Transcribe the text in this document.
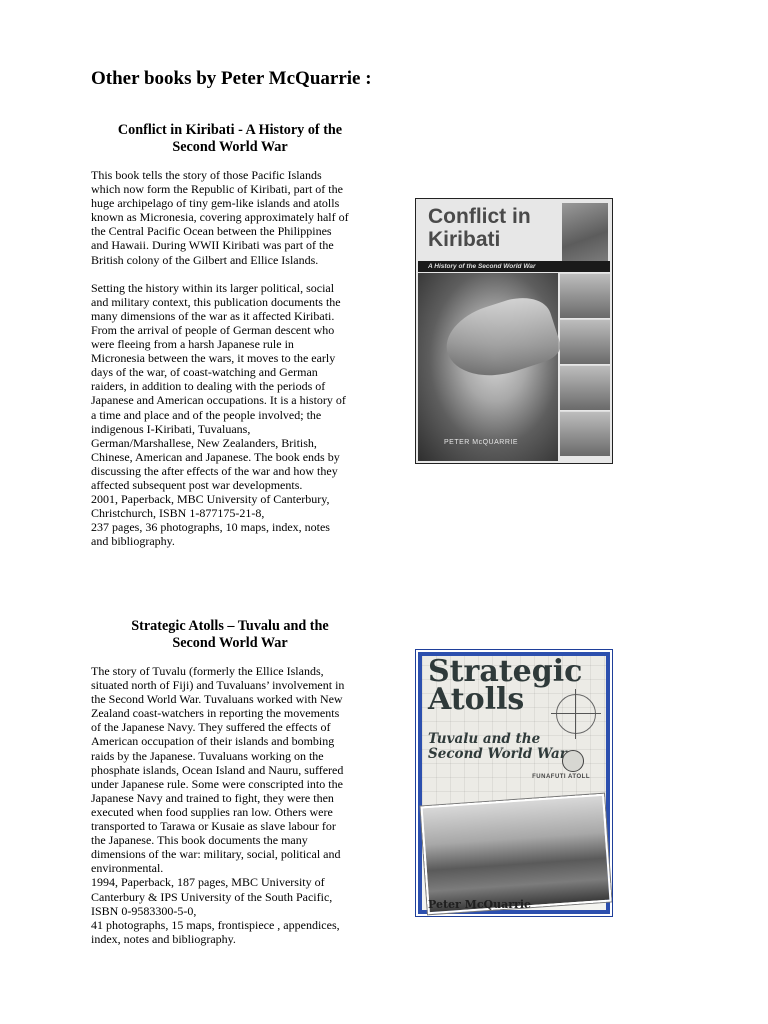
Other books by Peter McQuarrie :
Conflict in Kiribati - A History of the
Second World War

This book tells the story of those Pacific Islands
which now form the Republic of Kiribati, part of the
huge archipelago of tiny gem-like islands and atolls
known as Micronesia, covering approximately half of
the Central Pacific Ocean between the Philippines
and Hawaii. During WWII Kiribati was part of the
British colony of the Gilbert and Ellice Islands.

Setting the history within its larger political, social
and military context, this publication documents the
many dimensions of the war as it affected Kiribati.
From the arrival of people of German descent who
were fleeing from a harsh Japanese rule in
Micronesia between the wars, it moves to the early
days of the war, of coast-watching and German
raiders, in addition to dealing with the periods of
Japanese and American occupations. It is a history of
a time and place and of the people involved; the
indigenous I-Kiribati, Tuvaluans,
German/Marshallese, New Zealanders, British,
Chinese, American and Japanese. The book ends by
discussing the after effects of the war and how they
affected subsequent post war developments.
2001, Paperback, MBC University of Canterbury,
Christchurch, ISBN 1-877175-21-8,
237 pages, 36 photographs, 10 maps, index, notes
and bibliography.

Conflict in
Kiribati
A History of the Second World War
PETER McQUARRIE
Strategic Atolls – Tuvalu and the
Second World War

The story of Tuvalu (formerly the Ellice Islands,
situated north of Fiji) and Tuvaluans’ involvement in
the Second World War. Tuvaluans worked with New
Zealand coast-watchers in reporting the movements
of the Japanese Navy. They suffered the effects of
American occupation of their islands and bombing
raids by the Japanese. Tuvaluans working on the
phosphate islands, Ocean Island and Nauru, suffered
under Japanese rule. Some were conscripted into the
Japanese Navy and trained to fight, they were then
executed when food supplies ran low. Others were
transported to Tarawa or Kusaie as slave labour for
the Japanese. This book documents the many
dimensions of the war: military, social, political and
environmental.
1994, Paperback, 187 pages, MBC University of
Canterbury & IPS University of the South Pacific,
ISBN 0-9583300-5-0,
41 photographs, 15 maps, frontispiece , appendices,
index, notes and bibliography.

FUNAFUTI ATOLL
Strategic
Atolls
Tuvalu and the
Second World War
Peter McQuarrie
